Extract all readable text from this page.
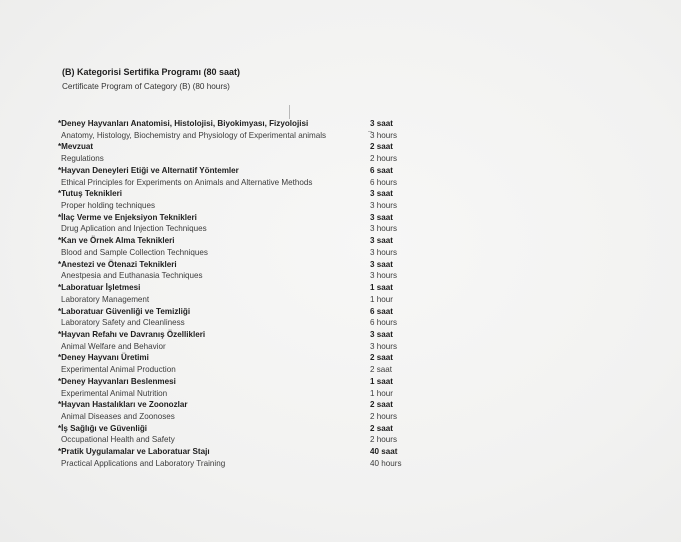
(B) Kategorisi Sertifika Programı (80 saat)
Certificate Program of Category (B) (80 hours)
*Deney Hayvanları Anatomisi, Histolojisi, Biyokimyası, Fizyolojisi	3 saat
Anatomy, Histology, Biochemistry and Physiology of Experimental animals	3 hours
*Mevzuat	2 saat
Regulations	2 hours
*Hayvan Deneyleri Etiği ve Alternatif Yöntemler	6 saat
Ethical Principles for Experiments on Animals and Alternative Methods	6 hours
*Tutuş Teknikleri	3 saat
Proper holding techniques	3 hours
*İlaç Verme ve Enjeksiyon Teknikleri	3 saat
Drug Aplication and Injection Techniques	3 hours
*Kan ve Örnek Alma Teknikleri	3 saat
Blood and Sample Collection Techniques	3 hours
*Anestezi ve Ötenazi Teknikleri	3 saat
Anestpesia and Euthanasia Techniques	3 hours
*Laboratuar İşletmesi	1 saat
Laboratory Management	1 hour
*Laboratuar Güvenliği ve Temizliği	6 saat
Laboratory Safety and Cleanliness	6 hours
*Hayvan Refahı ve Davranış Özellikleri	3 saat
Animal Welfare and Behavior	3 hours
*Deney Hayvanı Üretimi	2 saat
Experimental Animal Production	2 saat
*Deney Hayvanları Beslenmesi	1 saat
Experimental Animal Nutrition	1 hour
*Hayvan Hastalıkları ve Zoonozlar	2 saat
Animal Diseases and Zoonoses	2 hours
*İş Sağlığı ve Güvenliği	2 saat
Occupational Health and Safety	2 hours
*Pratik Uygulamalar ve Laboratuar Stajı	40 saat
Practical Applications and Laboratory Training	40 hours
